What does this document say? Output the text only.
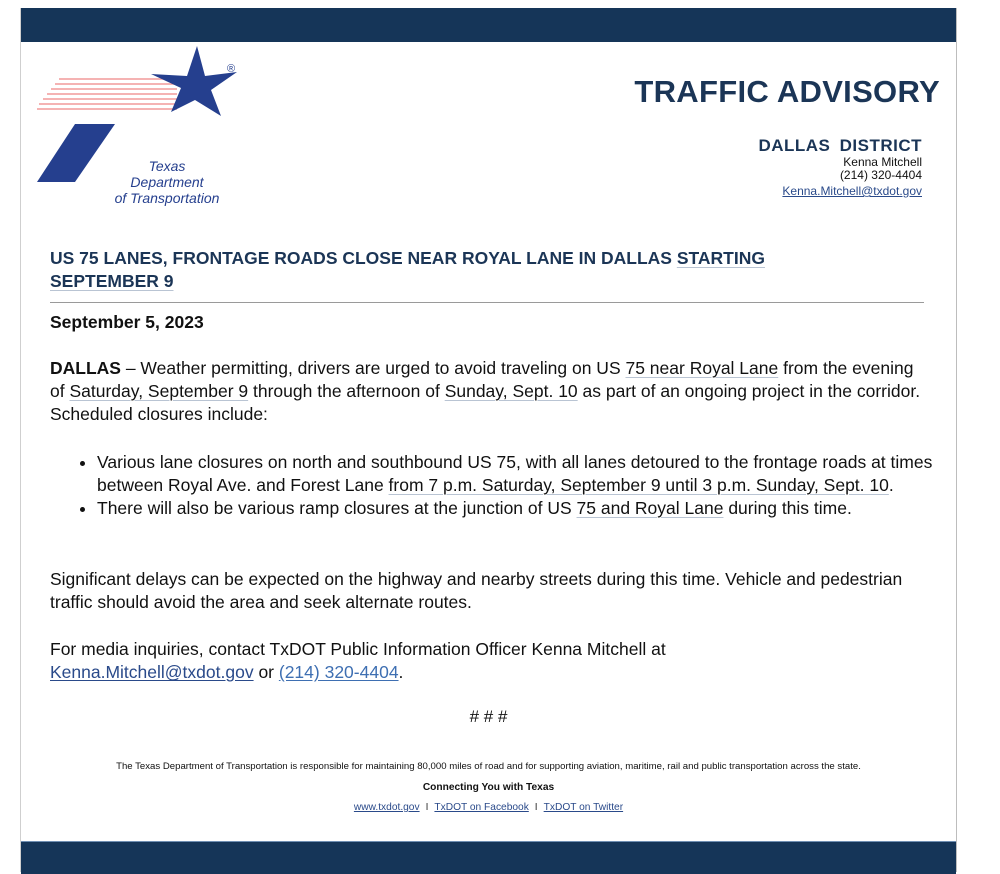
®
Texas
Department
of Transportation
TRAFFIC ADVISORY
DALLAS DISTRICT
Kenna Mitchell
(214) 320-4404
Kenna.Mitchell@txdot.gov
US 75 LANES, FRONTAGE ROADS CLOSE NEAR ROYAL LANE IN DALLAS STARTING
SEPTEMBER 9
September 5, 2023
DALLAS – Weather permitting, drivers are urged to avoid traveling on US 75 near Royal Lane from the evening of Saturday, September 9 through the afternoon of Sunday, Sept. 10 as part of an ongoing project in the corridor. Scheduled closures include:
• Various lane closures on north and southbound US 75, with all lanes detoured to the frontage roads at times between Royal Ave. and Forest Lane from 7 p.m. Saturday, September 9 until 3 p.m. Sunday, Sept. 10.
• There will also be various ramp closures at the junction of US 75 and Royal Lane during this time.
Significant delays can be expected on the highway and nearby streets during this time. Vehicle and pedestrian traffic should avoid the area and seek alternate routes.
For media inquiries, contact TxDOT Public Information Officer Kenna Mitchell at
Kenna.Mitchell@txdot.gov or (214) 320-4404.
# # #
The Texas Department of Transportation is responsible for maintaining 80,000 miles of road and for supporting aviation, maritime, rail and public transportation across the state.
Connecting You with Texas
www.txdot.gov I TxDOT on Facebook I TxDOT on Twitter
